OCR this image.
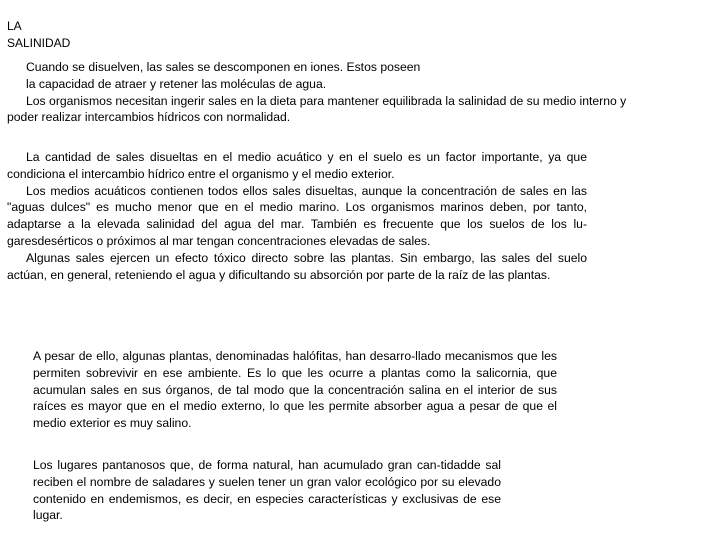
LA
SALINIDAD

Cuando se disuelven, las sales se descomponen en iones. Estos poseen
la capacidad de atraer y retener las moléculas de agua.

Los organismos necesitan ingerir sales en la dieta para mantener equilibrada la salinidad de su medio interno y poder realizar intercambios hídricos con normalidad.

La cantidad de sales disueltas en el medio acuático y en el suelo es un factor importante, ya que condiciona el intercambio hídrico entre el organismo y el medio exterior.

Los medios acuáticos contienen todos ellos sales disueltas, aunque la concentración de sales en las "aguas dulces" es mucho menor que en el medio marino. Los organismos marinos deben, por tanto, adaptarse a la elevada salinidad del agua del mar. También es frecuente que los suelos de los lu-garesdesérticos o próximos al mar tengan concentraciones elevadas de sales.

Algunas sales ejercen un efecto tóxico directo sobre las plantas. Sin embargo, las sales del suelo actúan, en general, reteniendo el agua y dificultando su absorción por parte de la raíz de las plantas.

A pesar de ello, algunas plantas, denominadas halófitas, han desarro-llado mecanismos que les permiten sobrevivir en ese ambiente. Es lo que les ocurre a plantas como la salicornia, que acumulan sales en sus órganos, de tal modo que la concentración salina en el interior de sus raíces es mayor que en el medio externo, lo que les permite absorber agua a pesar de que el medio exterior es muy salino.

Los lugares pantanosos que, de forma natural, han acumulado gran can-tidadde sal reciben el nombre de saladares y suelen tener un gran valor ecológico por su elevado contenido en endemismos, es decir, en especies características y exclusivas de ese lugar.
